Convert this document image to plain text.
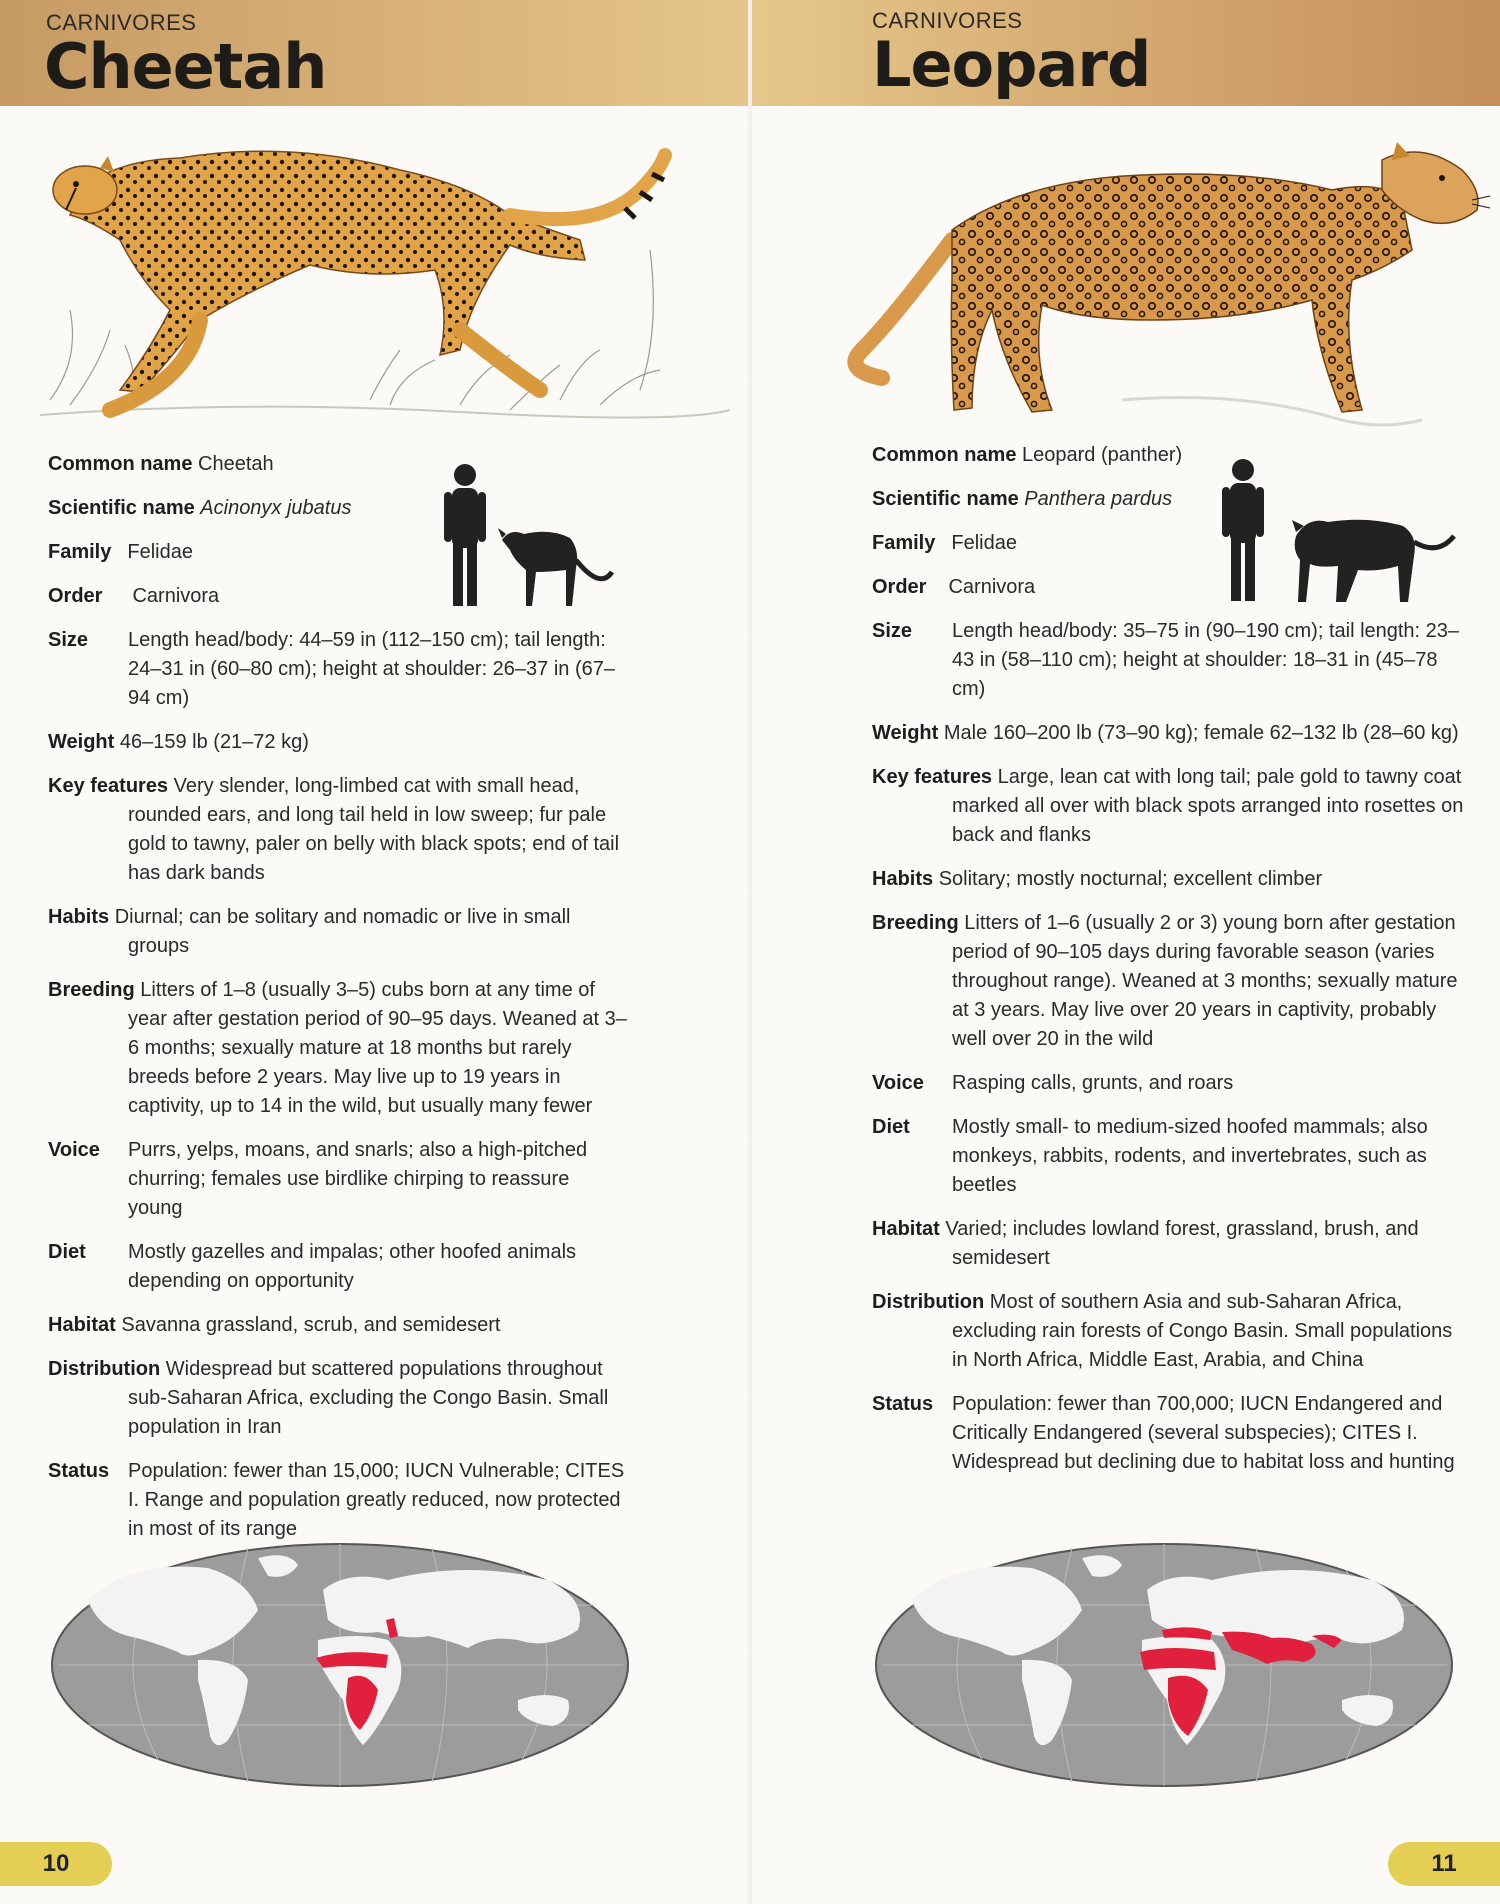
CARNIVORES
Cheetah
Common name Cheetah
Scientific name Acinonyx jubatus
Family Felidae
Order Carnivora
Size	Length head/body: 44–59 in (112–150 cm); tail length: 24–31 in (60–80 cm); height at shoulder: 26–37 in (67–94 cm)
Weight 46–159 lb (21–72 kg)
Key features Very slender, long-limbed cat with small head, rounded ears, and long tail held in low sweep; fur pale gold to tawny, paler on belly with black spots; end of tail has dark bands
Habits Diurnal; can be solitary and nomadic or live in small groups
Breeding Litters of 1–8 (usually 3–5) cubs born at any time of year after gestation period of 90–95 days. Weaned at 3–6 months; sexually mature at 18 months but rarely breeds before 2 years. May live up to 19 years in captivity, up to 14 in the wild, but usually many fewer
Voice	Purrs, yelps, moans, and snarls; also a high-pitched churring; females use birdlike chirping to reassure young
Diet	Mostly gazelles and impalas; other hoofed animals depending on opportunity
Habitat Savanna grassland, scrub, and semidesert
Distribution Widespread but scattered populations throughout sub-Saharan Africa, excluding the Congo Basin. Small population in Iran
Status Population: fewer than 15,000; IUCN Vulnerable; CITES I. Range and population greatly reduced, now protected in most of its range
10
CARNIVORES
Leopard
Common name Leopard (panther)
Scientific name Panthera pardus
Family Felidae
Order Carnivora
Size	Length head/body: 35–75 in (90–190 cm); tail length: 23–43 in (58–110 cm); height at shoulder: 18–31 in (45–78 cm)
Weight Male 160–200 lb (73–90 kg); female 62–132 lb (28–60 kg)
Key features Large, lean cat with long tail; pale gold to tawny coat marked all over with black spots arranged into rosettes on back and flanks
Habits Solitary; mostly nocturnal; excellent climber
Breeding Litters of 1–6 (usually 2 or 3) young born after gestation period of 90–105 days during favorable season (varies throughout range). Weaned at 3 months; sexually mature at 3 years. May live over 20 years in captivity, probably well over 20 in the wild
Voice	Rasping calls, grunts, and roars
Diet	Mostly small- to medium-sized hoofed mammals; also monkeys, rabbits, rodents, and invertebrates, such as beetles
Habitat Varied; includes lowland forest, grassland, brush, and semidesert
Distribution Most of southern Asia and sub-Saharan Africa, excluding rain forests of Congo Basin. Small populations in North Africa, Middle East, Arabia, and China
Status Population: fewer than 700,000; IUCN Endangered and Critically Endangered (several subspecies); CITES I. Widespread but declining due to habitat loss and hunting
11
